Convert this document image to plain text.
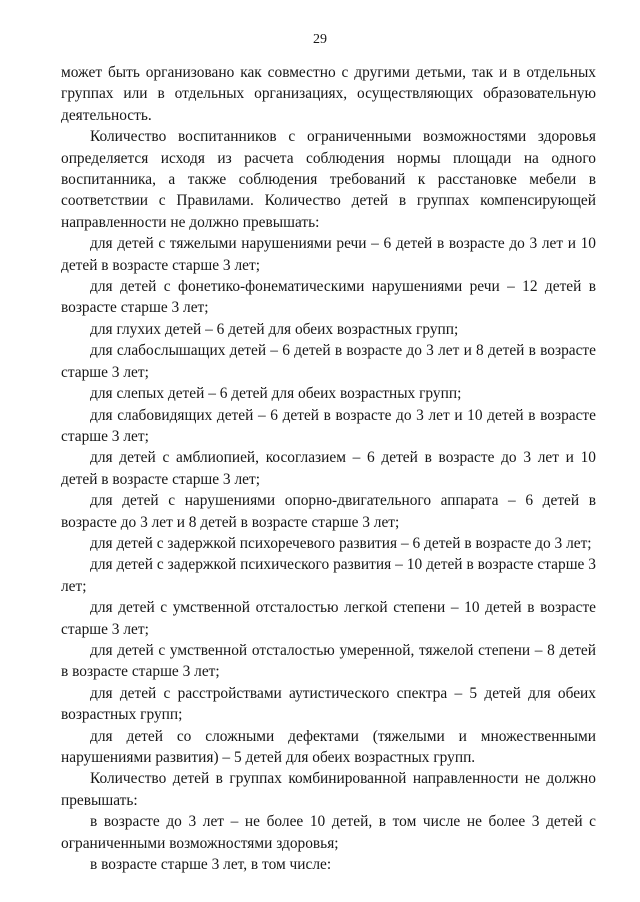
29

может быть организовано как совместно с другими детьми, так и в отдельных группах или в отдельных организациях, осуществляющих образовательную деятельность.

Количество воспитанников с ограниченными возможностями здоровья определяется исходя из расчета соблюдения нормы площади на одного воспитанника, а также соблюдения требований к расстановке мебели в соответствии с Правилами. Количество детей в группах компенсирующей направленности не должно превышать:

для детей с тяжелыми нарушениями речи – 6 детей в возрасте до 3 лет и 10 детей в возрасте старше 3 лет;

для детей с фонетико-фонематическими нарушениями речи – 12 детей в возрасте старше 3 лет;

для глухих детей – 6 детей для обеих возрастных групп;

для слабослышащих детей – 6 детей в возрасте до 3 лет и 8 детей в возрасте старше 3 лет;

для слепых детей – 6 детей для обеих возрастных групп;

для слабовидящих детей – 6 детей в возрасте до 3 лет и 10 детей в возрасте старше 3 лет;

для детей с амблиопией, косоглазием – 6 детей в возрасте до 3 лет и 10 детей в возрасте старше 3 лет;

для детей с нарушениями опорно-двигательного аппарата – 6 детей в возрасте до 3 лет и 8 детей в возрасте старше 3 лет;

для детей с задержкой психоречевого развития – 6 детей в возрасте до 3 лет;

для детей с задержкой психического развития – 10 детей в возрасте старше 3 лет;

для детей с умственной отсталостью легкой степени – 10 детей в возрасте старше 3 лет;

для детей с умственной отсталостью умеренной, тяжелой степени – 8 детей в возрасте старше 3 лет;

для детей с расстройствами аутистического спектра – 5 детей для обеих возрастных групп;

для детей со сложными дефектами (тяжелыми и множественными нарушениями развития) – 5 детей для обеих возрастных групп.

Количество детей в группах комбинированной направленности не должно превышать:

в возрасте до 3 лет – не более 10 детей, в том числе не более 3 детей с ограниченными возможностями здоровья;

в возрасте старше 3 лет, в том числе:
